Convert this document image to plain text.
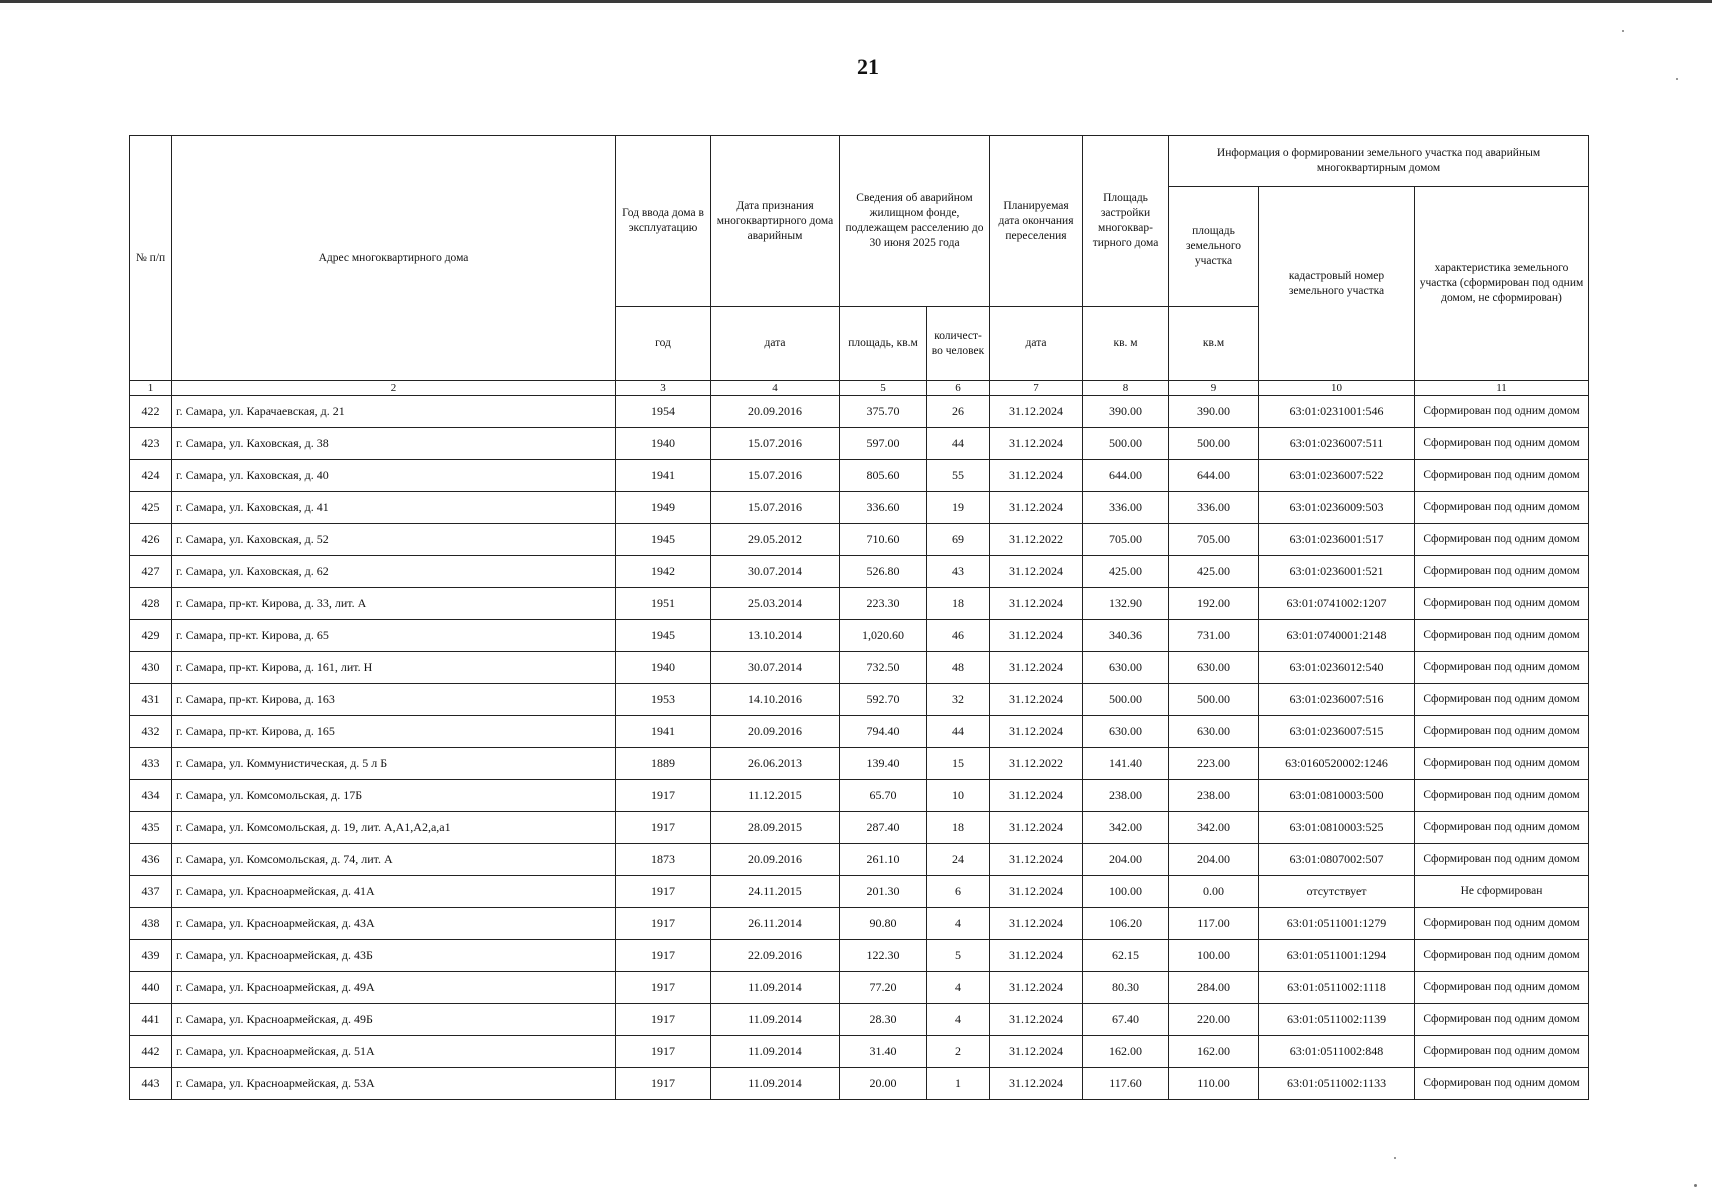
21
№ п/п	Адрес многоквартирного дома	Год ввода дома в эксплуатацию	Дата признания многоквартирного дома аварийным	Сведения об аварийном жилищном фонде, подлежащем расселению до 30 июня 2025 года		Планируемая дата окончания переселения	Площадь застройки многоквар-тирного дома	Информация о формировании земельного участка под аварийным многоквартирным домом		
								площадь земельного участка	кадастровый номер земельного участка	характеристика земельного участка (сформирован под одним домом, не сформирован)
		год	дата	площадь, кв.м	количест-во человек	дата	кв. м	кв.м		
1	2	3	4	5	6	7	8	9	10	11
422	г. Самара, ул. Карачаевская, д. 21	1954	20.09.2016	375.70	26	31.12.2024	390.00	390.00	63:01:0231001:546	Сформирован под одним домом
423	г. Самара, ул. Каховская, д. 38	1940	15.07.2016	597.00	44	31.12.2024	500.00	500.00	63:01:0236007:511	Сформирован под одним домом
424	г. Самара, ул. Каховская, д. 40	1941	15.07.2016	805.60	55	31.12.2024	644.00	644.00	63:01:0236007:522	Сформирован под одним домом
425	г. Самара, ул. Каховская, д. 41	1949	15.07.2016	336.60	19	31.12.2024	336.00	336.00	63:01:0236009:503	Сформирован под одним домом
426	г. Самара, ул. Каховская, д. 52	1945	29.05.2012	710.60	69	31.12.2022	705.00	705.00	63:01:0236001:517	Сформирован под одним домом
427	г. Самара, ул. Каховская, д. 62	1942	30.07.2014	526.80	43	31.12.2024	425.00	425.00	63:01:0236001:521	Сформирован под одним домом
428	г. Самара, пр-кт. Кирова, д. 33, лит. А	1951	25.03.2014	223.30	18	31.12.2024	132.90	192.00	63:01:0741002:1207	Сформирован под одним домом
429	г. Самара, пр-кт. Кирова, д. 65	1945	13.10.2014	1,020.60	46	31.12.2024	340.36	731.00	63:01:0740001:2148	Сформирован под одним домом
430	г. Самара, пр-кт. Кирова, д. 161, лит. Н	1940	30.07.2014	732.50	48	31.12.2024	630.00	630.00	63:01:0236012:540	Сформирован под одним домом
431	г. Самара, пр-кт. Кирова, д. 163	1953	14.10.2016	592.70	32	31.12.2024	500.00	500.00	63:01:0236007:516	Сформирован под одним домом
432	г. Самара, пр-кт. Кирова, д. 165	1941	20.09.2016	794.40	44	31.12.2024	630.00	630.00	63:01:0236007:515	Сформирован под одним домом
433	г. Самара, ул. Коммунистическая, д. 5 л Б	1889	26.06.2013	139.40	15	31.12.2022	141.40	223.00	63:0160520002:1246	Сформирован под одним домом
434	г. Самара, ул. Комсомольская, д. 17Б	1917	11.12.2015	65.70	10	31.12.2024	238.00	238.00	63:01:0810003:500	Сформирован под одним домом
435	г. Самара, ул. Комсомольская, д. 19, лит. А,А1,А2,а,а1	1917	28.09.2015	287.40	18	31.12.2024	342.00	342.00	63:01:0810003:525	Сформирован под одним домом
436	г. Самара, ул. Комсомольская, д. 74, лит. А	1873	20.09.2016	261.10	24	31.12.2024	204.00	204.00	63:01:0807002:507	Сформирован под одним домом
437	г. Самара, ул. Красноармейская, д. 41А	1917	24.11.2015	201.30	6	31.12.2024	100.00	0.00	отсутствует	Не сформирован
438	г. Самара, ул. Красноармейская, д. 43А	1917	26.11.2014	90.80	4	31.12.2024	106.20	117.00	63:01:0511001:1279	Сформирован под одним домом
439	г. Самара, ул. Красноармейская, д. 43Б	1917	22.09.2016	122.30	5	31.12.2024	62.15	100.00	63:01:0511001:1294	Сформирован под одним домом
440	г. Самара, ул. Красноармейская, д. 49А	1917	11.09.2014	77.20	4	31.12.2024	80.30	284.00	63:01:0511002:1118	Сформирован под одним домом
441	г. Самара, ул. Красноармейская, д. 49Б	1917	11.09.2014	28.30	4	31.12.2024	67.40	220.00	63:01:0511002:1139	Сформирован под одним домом
442	г. Самара, ул. Красноармейская, д. 51А	1917	11.09.2014	31.40	2	31.12.2024	162.00	162.00	63:01:0511002:848	Сформирован под одним домом
443	г. Самара, ул. Красноармейская, д. 53А	1917	11.09.2014	20.00	1	31.12.2024	117.60	110.00	63:01:0511002:1133	Сформирован под одним домом
